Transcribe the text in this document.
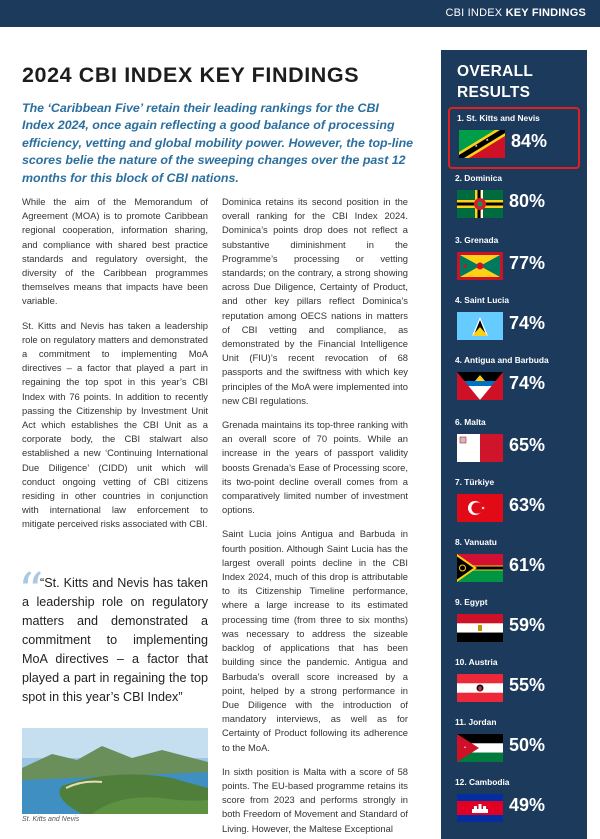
CBI INDEX KEY FINDINGS
2024 CBI INDEX KEY FINDINGS
The ‘Caribbean Five’ retain their leading rankings for the CBI Index 2024, once again reflecting a good balance of processing efficiency, vetting and global mobility power. However, the top-line scores belie the nature of the sweeping changes over the past 12 months for this block of CBI nations.

While the aim of the Memorandum of Agreement (MOA) is to promote Caribbean regional cooperation, information sharing, and compliance with shared best practice standards and regulatory oversight, the diversity of the Caribbean programmes themselves means that impacts have been variable.

St. Kitts and Nevis has taken a leadership role on regulatory matters and demonstrated a commitment to implementing MoA directives – a factor that played a part in regaining the top spot in this year’s CBI Index with 76 points. In addition to recently passing the Citizenship by Investment Unit Act which establishes the CBI Unit as a corporate body, the CBI stalwart also established a new ‘Continuing International Due Diligence’ (CIDD) unit which will conduct ongoing vetting of CBI citizens residing in other countries in conjunction with international law enforcement to mitigate perceived risks associated with CBI.

“
“St. Kitts and Nevis has taken a leadership role on regulatory matters and demonstrated a commitment to implementing MoA directives – a factor that played a part in regaining the top spot in this year’s CBI Index”
St. Kitts and Nevis

Dominica retains its second position in the overall ranking for the CBI Index 2024. Dominica’s points drop does not reflect a substantive diminishment in the Programme’s processing or vetting standards; on the contrary, a strong showing across Due Diligence, Certainty of Product, and other key pillars reflect Dominica’s reputation among OECS nations in matters of CBI vetting and compliance, as demonstrated by the Financial Intelligence Unit (FIU)’s recent revocation of 68 passports and the swiftness with which key principles of the MoA were implemented into new CBI regulations.

Grenada maintains its top-three ranking with an overall score of 70 points. While an increase in the years of passport validity boosts Grenada’s Ease of Processing score, its two-point decline overall comes from a comparatively limited number of investment options.

Saint Lucia joins Antigua and Barbuda in fourth position. Although Saint Lucia has the largest overall points decline in the CBI Index 2024, much of this drop is attributable to its Citizenship Timeline performance, where a large increase to its estimated processing time (from three to six months) was necessary to address the sizeable backlog of applications that has been building since the pandemic. Antigua and Barbuda’s overall score increased by a point, helped by a strong performance in Due Diligence with the introduction of mandatory interviews, as well as for Certainty of Product following its adherence to the MoA.

In sixth position is Malta with a score of 58 points. The EU-based programme retains its score from 2023 and performs strongly in both Freedom of Movement and Standard of Living. However, the Maltese Exceptional

OVERALL RESULTS
1. St. Kitts and Nevis
84%
2. Dominica
80%
3. Grenada
77%
4. Saint Lucia
74%
4. Antigua and Barbuda
74%
6. Malta
65%
7. Türkiye
63%
8. Vanuatu
61%
9. Egypt
59%
10. Austria
55%
11. Jordan
50%
12. Cambodia
49%
